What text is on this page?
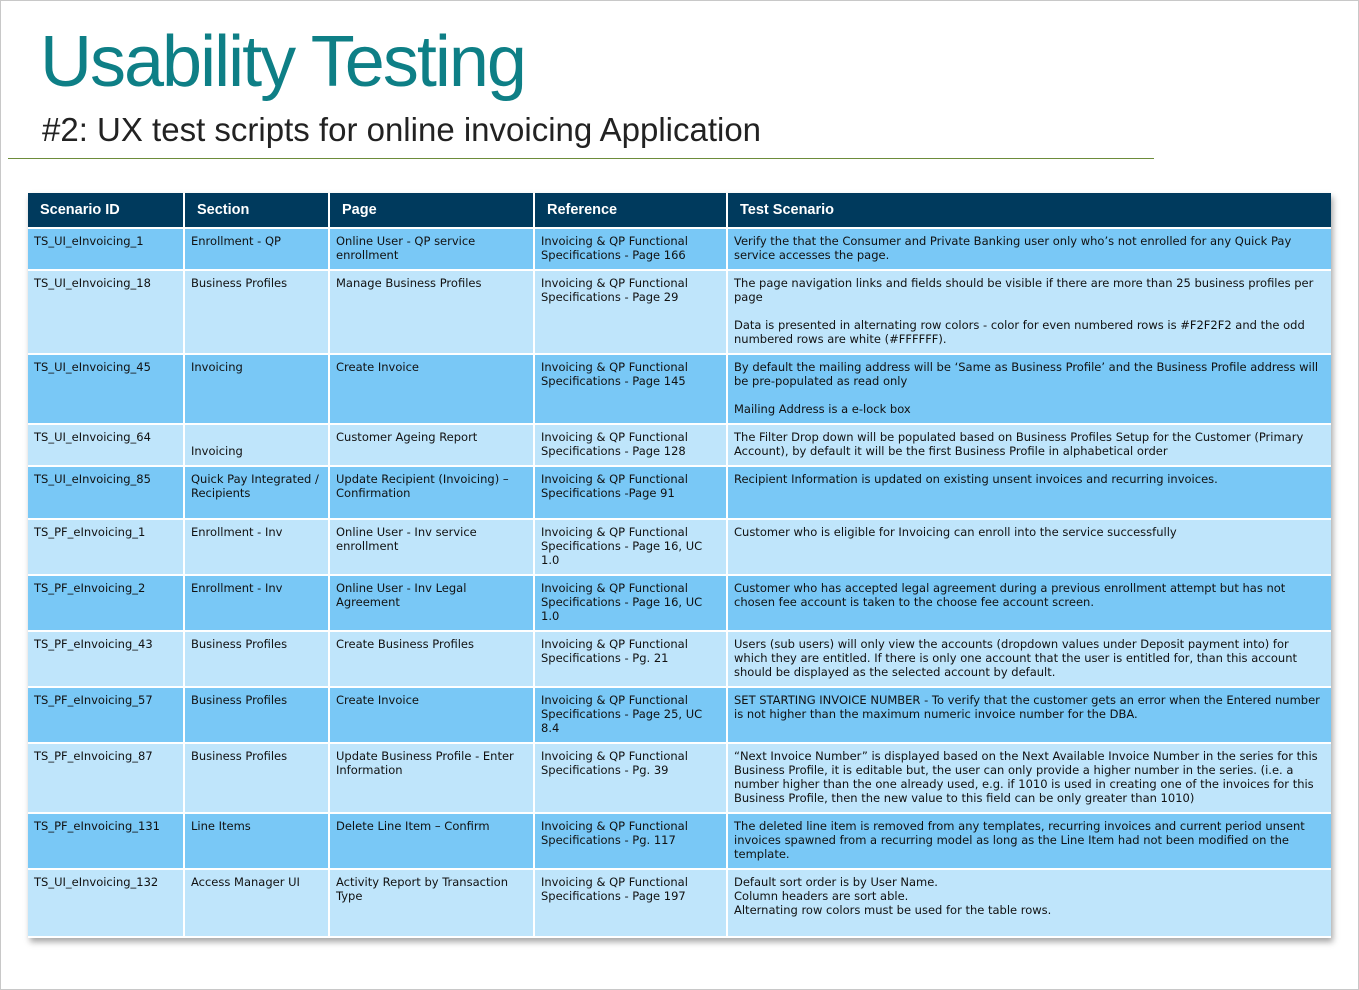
Usability Testing
#2: UX test scripts for online invoicing Application
Scenario ID	Section	Page	Reference	Test Scenario
TS_UI_eInvoicing_1	Enrollment - QP	Online User - QP service enrollment	Invoicing & QP Functional Specifications - Page 166	Verify the that the Consumer and Private Banking user only who’s not enrolled for any Quick Pay service accesses the page.

TS_UI_eInvoicing_18	Business Profiles	Manage Business Profiles	Invoicing & QP Functional Specifications - Page 29	The page navigation links and fields should be visible if there are more than 25 business profiles per page
Data is presented in alternating row colors - color for even numbered rows is #F2F2F2 and the odd numbered rows are white (#FFFFFF).

TS_UI_eInvoicing_45	Invoicing	Create Invoice	Invoicing & QP Functional Specifications - Page 145	By default the mailing address will be ‘Same as Business Profile’ and the Business Profile address will be pre-populated as read only
Mailing Address is a e-lock box

TS_UI_eInvoicing_64	Invoicing	Customer Ageing Report	Invoicing & QP Functional Specifications - Page 128	The Filter Drop down will be populated based on Business Profiles Setup for the Customer (Primary Account), by default it will be the first Business Profile in alphabetical order

TS_UI_eInvoicing_85	Quick Pay Integrated / Recipients	Update Recipient (Invoicing) – Confirmation	Invoicing & QP Functional Specifications -Page 91	Recipient Information is updated on existing unsent invoices and recurring invoices.

TS_PF_eInvoicing_1	Enrollment - Inv	Online User - Inv service enrollment	Invoicing & QP Functional Specifications - Page 16, UC 1.0	Customer who is eligible for Invoicing can enroll into the service successfully

TS_PF_eInvoicing_2	Enrollment - Inv	Online User - Inv Legal Agreement	Invoicing & QP Functional Specifications - Page 16, UC 1.0	Customer who has accepted legal agreement during a previous enrollment attempt but has not chosen fee account is taken to the choose fee account screen.

TS_PF_eInvoicing_43	Business Profiles	Create Business Profiles	Invoicing & QP Functional Specifications - Pg. 21	Users (sub users) will only view the accounts (dropdown values under Deposit payment into) for which they are entitled. If there is only one account that the user is entitled for, than this account should be displayed as the selected account by default.

TS_PF_eInvoicing_57	Business Profiles	Create Invoice	Invoicing & QP Functional Specifications - Page 25, UC 8.4	SET STARTING INVOICE NUMBER - To verify that the customer gets an error when the Entered number is not higher than the maximum numeric invoice number for the DBA.

TS_PF_eInvoicing_87	Business Profiles	Update Business Profile - Enter Information	Invoicing & QP Functional Specifications - Pg. 39	“Next Invoice Number” is displayed based on the Next Available Invoice Number in the series for this Business Profile, it is editable but, the user can only provide a higher number in the series. (i.e. a number higher than the one already used, e.g. if 1010 is used in creating one of the invoices for this Business Profile, then the new value to this field can be only greater than 1010)

TS_PF_eInvoicing_131	Line Items	Delete Line Item – Confirm	Invoicing & QP Functional Specifications - Pg. 117	The deleted line item is removed from any templates, recurring invoices and current period unsent invoices spawned from a recurring model as long as the Line Item had not been modified on the template.

TS_UI_eInvoicing_132	Access Manager UI	Activity Report by Transaction Type	Invoicing & QP Functional Specifications - Page 197	Default sort order is by User Name.
Column headers are sort able.
Alternating row colors must be used for the table rows.
